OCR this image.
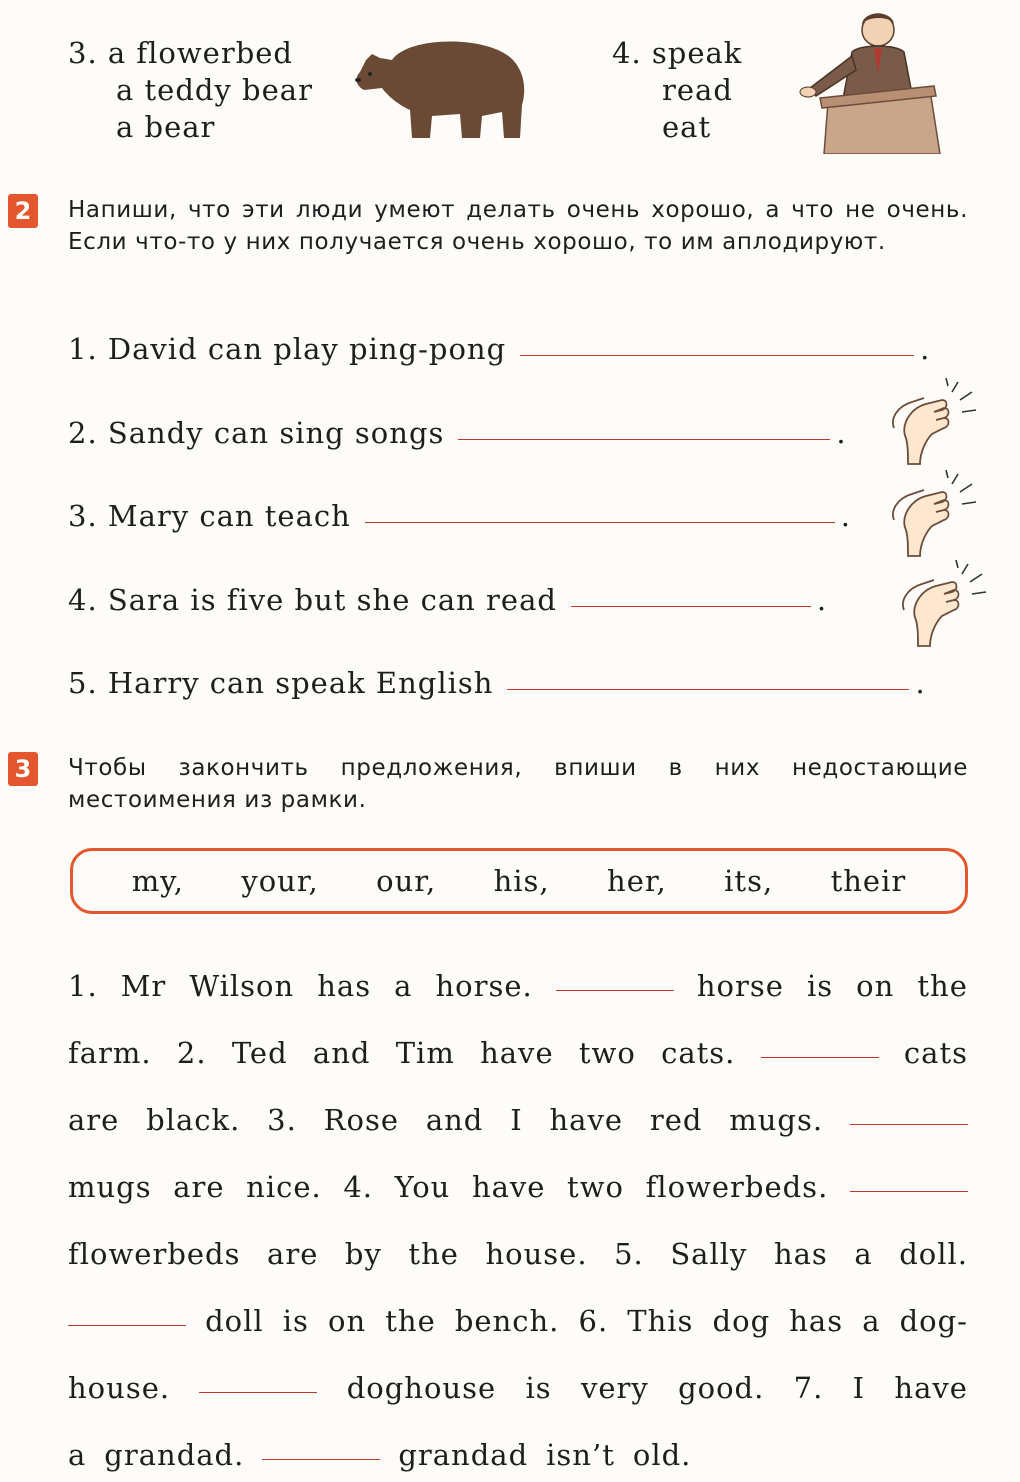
3. a flowerbed
a teddy bear
a bear
4. speak
read
eat
2 Напиши, что эти люди умеют делать очень хорошо, а что не очень. Если что-то у них получается очень хорошо, то им аплодируют.
1. David can play ping-pong	.
2. Sandy can sing songs	.
3. Mary can teach	.
4. Sara is five but she can read	.
5. Harry can speak English	.
3 Чтобы закончить предложения, впиши в них недостающие местоимения из рамки.
my, your, our, his, her, its, their
1. Mr Wilson has a horse.	horse is on the
farm. 2. Ted and Tim have two cats.	cats
are black. 3. Rose and I have red mugs.
mugs are nice. 4. You have two flowerbeds.
flowerbeds are by the house. 5. Sally has a doll.
doll is on the bench. 6. This dog has a dog-
house.	doghouse is very good. 7. I have
a grandad.	grandad isn’t old.
